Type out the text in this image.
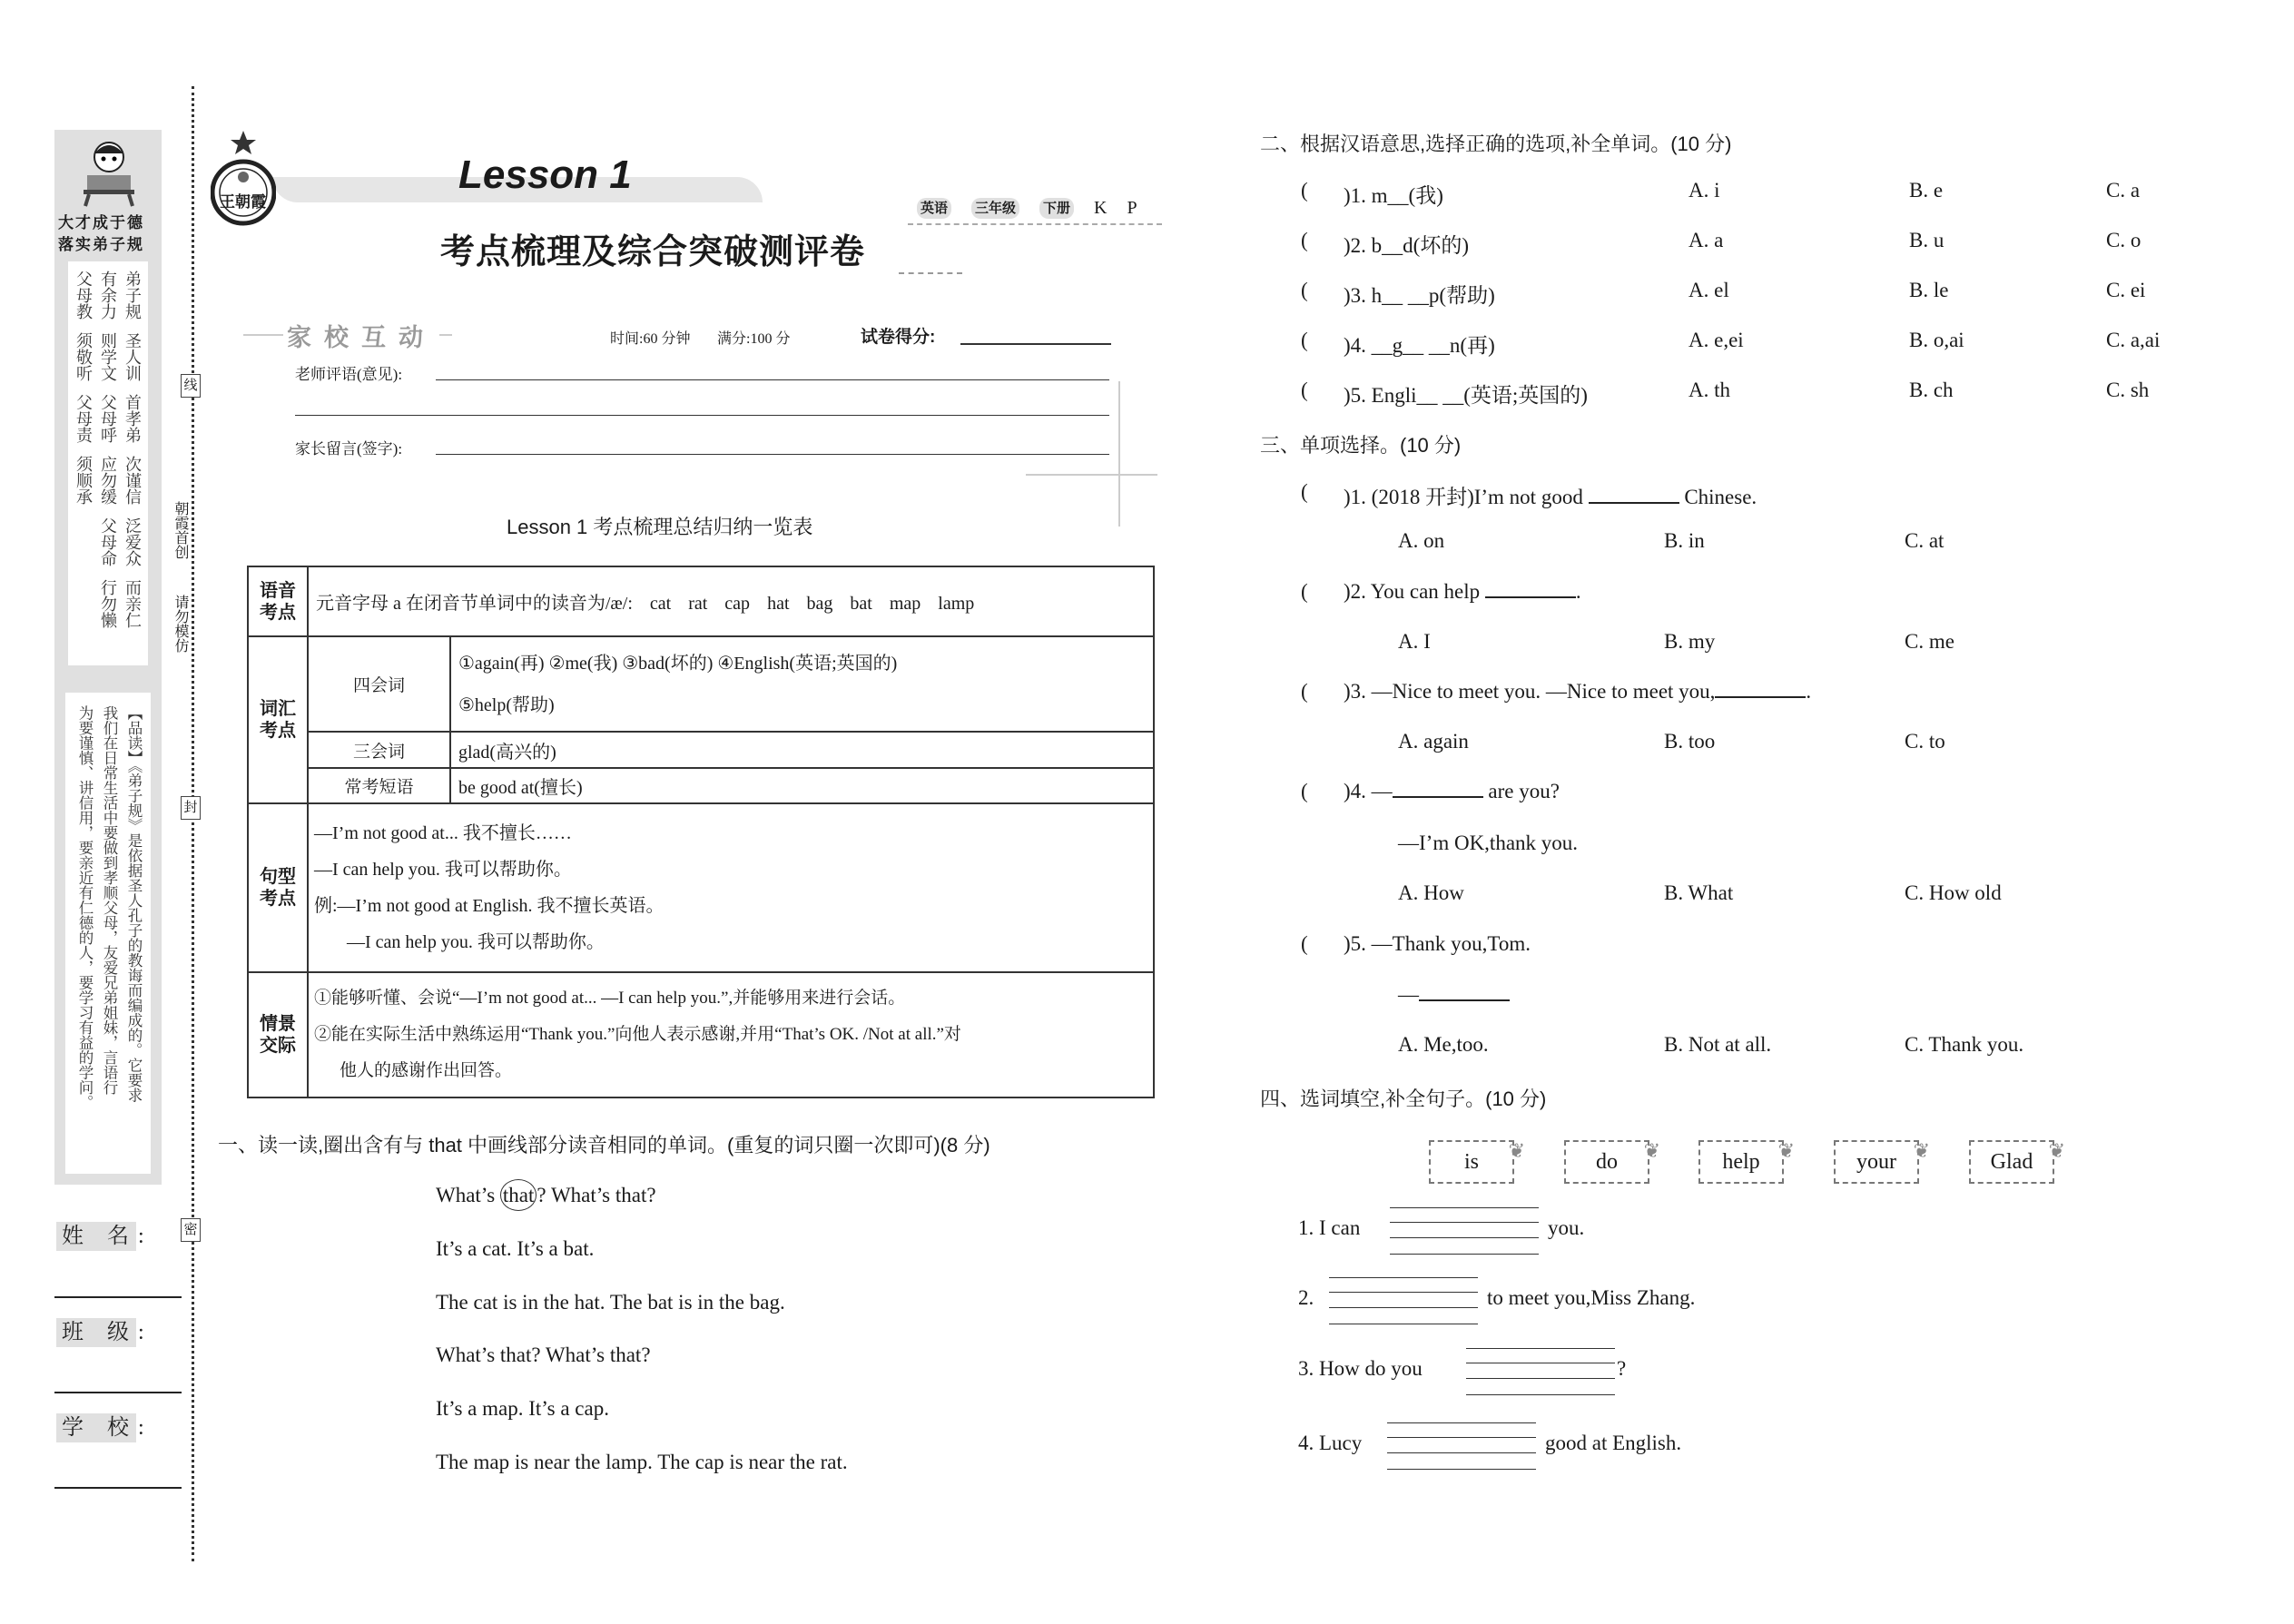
大才成于德
落实弟子规
弟子规
圣人训
首孝弟
次谨信
泛爱众
而亲仁
有余力
则学文
父母呼
应勿缓
父母命
行勿懒
父母教
须敬听
父母责
须顺承
【品读】《弟子规》是依据圣人孔子的教诲而编成的。它要求
我们在日常生活中要做到孝顺父母，友爱兄弟姐妹，言语行
为要谨慎、讲信用，要亲近有仁德的人，要学习有益的学问。
姓 名:
班 级:
学 校:
线
封
密
朝霞首创
请勿模仿
王朝霞
Lesson 1
考点梳理及综合突破测评卷
英语 三年级 下册 K P
家校互动	时间:60 分钟 满分:100 分	试卷得分:
老师评语(意见):
家长留言(签字):
Lesson 1 考点梳理总结归纳一览表
语音考点	元音字母 a 在闭音节单词中的读音为/æ/: cat rat cap hat bag bat map lamp	
词汇考点	四会词	①again(再) ②me(我) ③bad(坏的) ④English(英语;英国的)
⑤help(帮助)

	三会词	glad(高兴的)
	常考短语	be good at(擅长)
句型考点	—I’m not good at... 我不擅长……
—I can help you. 我可以帮助你。
例:—I’m not good at English. 我不擅长英语。
—I can help you. 我可以帮助你。	

情景交际	①能够听懂、会说“—I’m not good at... —I can help you.”,并能够用来进行会话。
②能在实际生活中熟练运用“Thank you.”向他人表示感谢,并用“That’s OK. /Not at all.”对
他人的感谢作出回答。	
一、读一读,圈出含有与 that 中画线部分读音相同的单词。(重复的词只圈一次即可)(8 分)
What’s that ? What’s that?
It’s a cat. It’s a bat.
The cat is in the hat. The bat is in the bag.
What’s that? What’s that?
It’s a map. It’s a cap.
The map is near the lamp. The cap is near the rat.
二、根据汉语意思,选择正确的选项,补全单词。(10 分)
( )1. m__(我)	A. i	B. e	C. a
( )2. b__d(坏的)	A. a	B. u	C. o
( )3. h__ __p(帮助)	A. el	B. le	C. ei
( )4. __g__ __n(再)	A. e,ei	B. o,ai	C. a,ai
( )5. Engli__ __(英语;英国的)	A. th	B. ch	C. sh
三、单项选择。(10 分)
( )1. (2018 开封)I’m not good	Chinese.
A. on	B. in	C. at
( )2. You can help	.
A. I	B. my	C. me
( )3. —Nice to meet you. —Nice to meet you,	.
A. again	B. too	C. to
( )4. —	are you?
—I’m OK,thank you.
A. How	B. What	C. How old
( )5. —Thank you,Tom.
—
A. Me,too.	B. Not at all.	C. Thank you.
四、选词填空,补全句子。(10 分)
is ❦	do ❦	help ❦	your ❦	Glad ❦
1. I can	you.
2.	to meet you,Miss Zhang.
3. How do you	?
4. Lucy	good at English.
